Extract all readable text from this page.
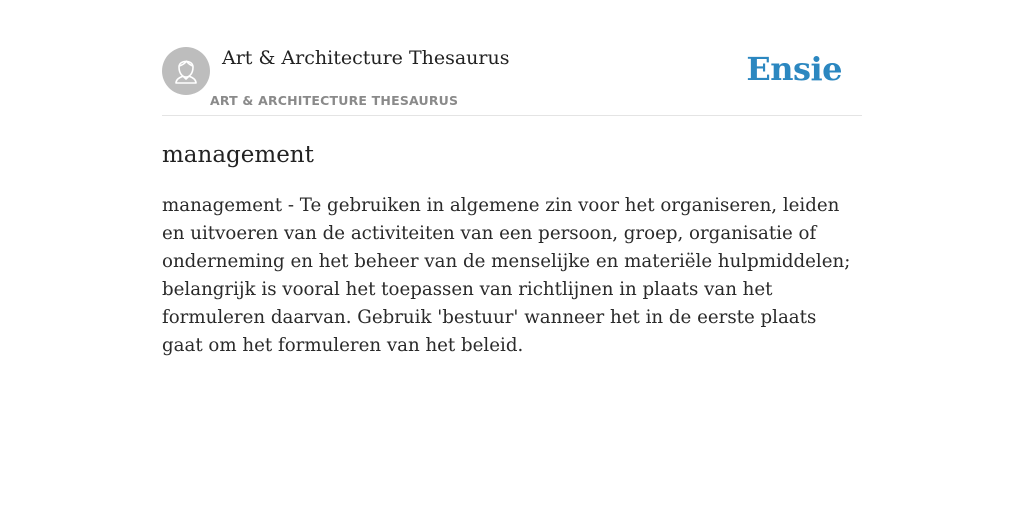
Art & Architecture Thesaurus
ART & ARCHITECTURE THESAURUS
Ensie
management

management - Te gebruiken in algemene zin voor het organiseren, leiden en uitvoeren van de activiteiten van een persoon, groep, organisatie of onderneming en het beheer van de menselijke en materiële hulpmiddelen; belangrijk is vooral het toepassen van richtlijnen in plaats van het formuleren daarvan. Gebruik 'bestuur' wanneer het in de eerste plaats gaat om het formuleren van het beleid.
